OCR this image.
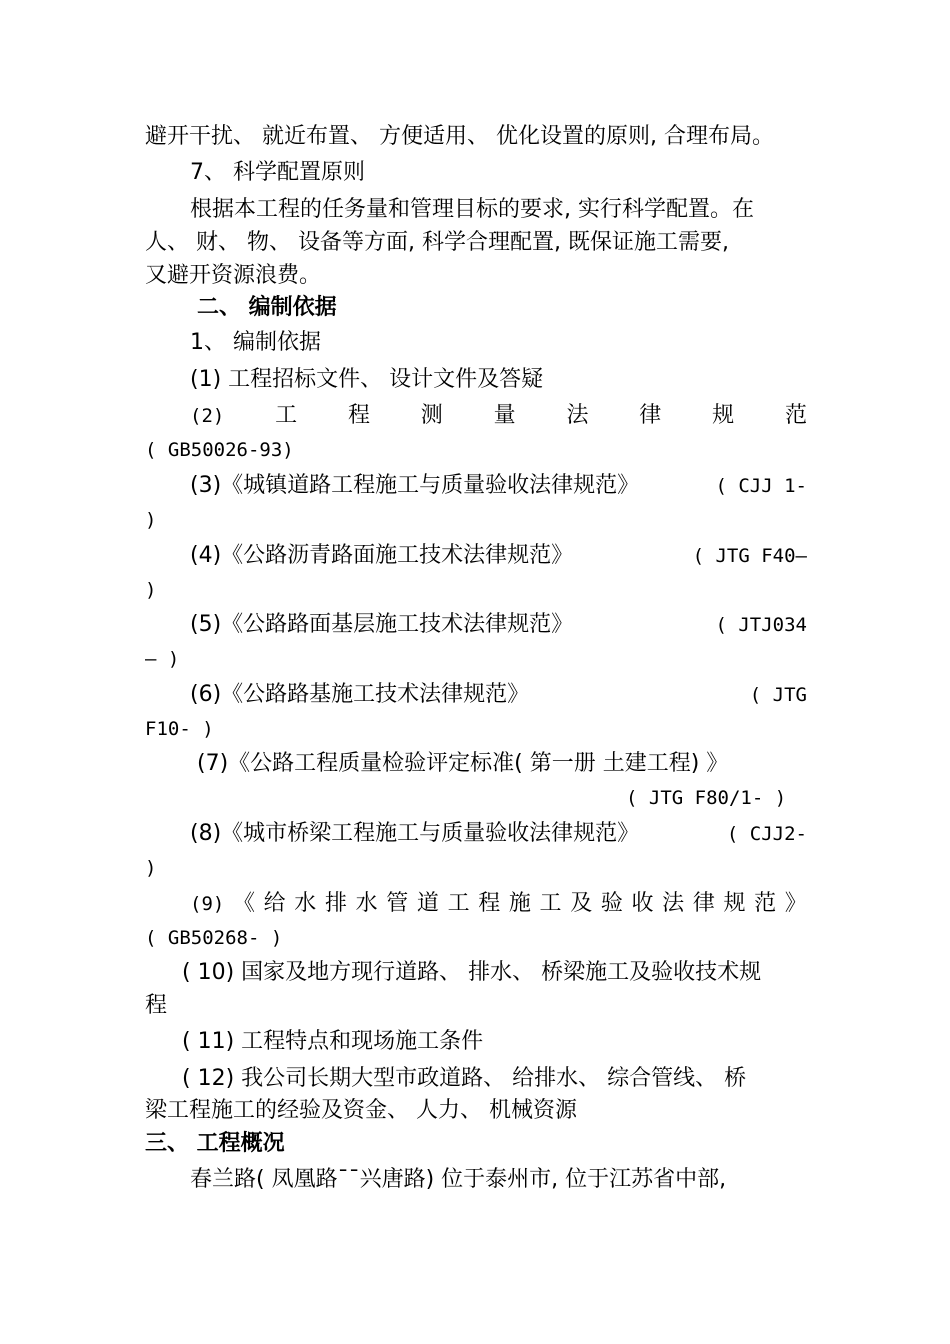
避开干扰、 就近布置、 方便适用、 优化设置的原则, 合理布局。
7、 科学配置原则
根据本工程的任务量和管理目标的要求, 实行科学配置。在
人、 财、 物、 设备等方面, 科学合理配置, 既保证施工需要,
又避开资源浪费。
二、 编制依据
1、 编制依据
(1) 工程招标文件、 设计文件及答疑
(2) 工 程 测 量 法 律 规 范
( GB50026-93)
(3)《城镇道路工程施工与质量验收法律规范》	( CJJ 1-
)
(4)《公路沥青路面施工技术法律规范》	( JTG F40—
)
(5)《公路路面基层施工技术法律规范》	( JTJ034
— )
(6)《公路路基施工技术法律规范》	( JTG
F10- )
(7)《公路工程质量检验评定标准( 第一册 土建工程) 》
( JTG F80/1- )
(8)《城市桥梁工程施工与质量验收法律规范》	( CJJ2-
)
(9) 《 给 水 排 水 管 道 工 程 施 工 及 验 收 法 律 规 范 》
( GB50268- )
( 10) 国家及地方现行道路、 排水、 桥梁施工及验收技术规
程
( 11) 工程特点和现场施工条件
( 12) 我公司长期大型市政道路、 给排水、 综合管线、 桥
梁工程施工的经验及资金、 人力、 机械资源
三、 工程概况
春兰路( 凤凰路¯¯兴唐路) 位于泰州市, 位于江苏省中部,
